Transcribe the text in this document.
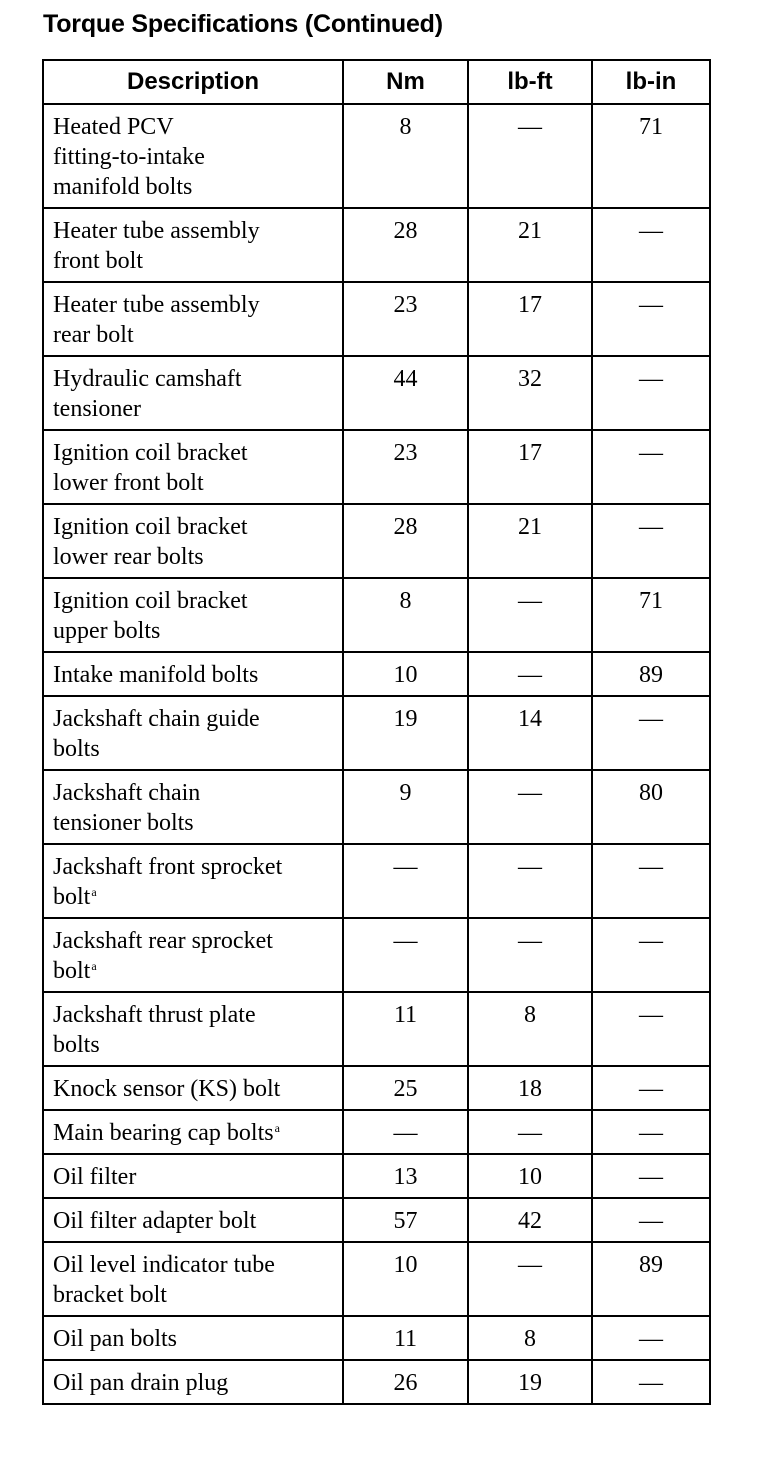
Torque Specifications (Continued)
Description	Nm	lb-ft	lb-in

Heated PCV
fitting-to-intake
manifold bolts	8	—	71

Heater tube assembly
front bolt	28	21	—

Heater tube assembly
rear bolt	23	17	—

Hydraulic camshaft
tensioner	44	32	—

Ignition coil bracket
lower front bolt	23	17	—

Ignition coil bracket
lower rear bolts	28	21	—

Ignition coil bracket
upper bolts	8	—	71

Intake manifold bolts	10	—	89

Jackshaft chain guide
bolts	19	14	—

Jackshaft chain
tensioner bolts	9	—	80

Jackshaft front sprocket
bolt$^a$	—	—	—

Jackshaft rear sprocket
bolt$^a$	—	—	—

Jackshaft thrust plate
bolts	11	8	—

Knock sensor (KS) bolt	25	18	—

Main bearing cap bolts$^a$	—	—	—

Oil filter	13	10	—

Oil filter adapter bolt	57	42	—

Oil level indicator tube
bracket bolt	10	—	89

Oil pan bolts	11	8	—

Oil pan drain plug	26	19	—
